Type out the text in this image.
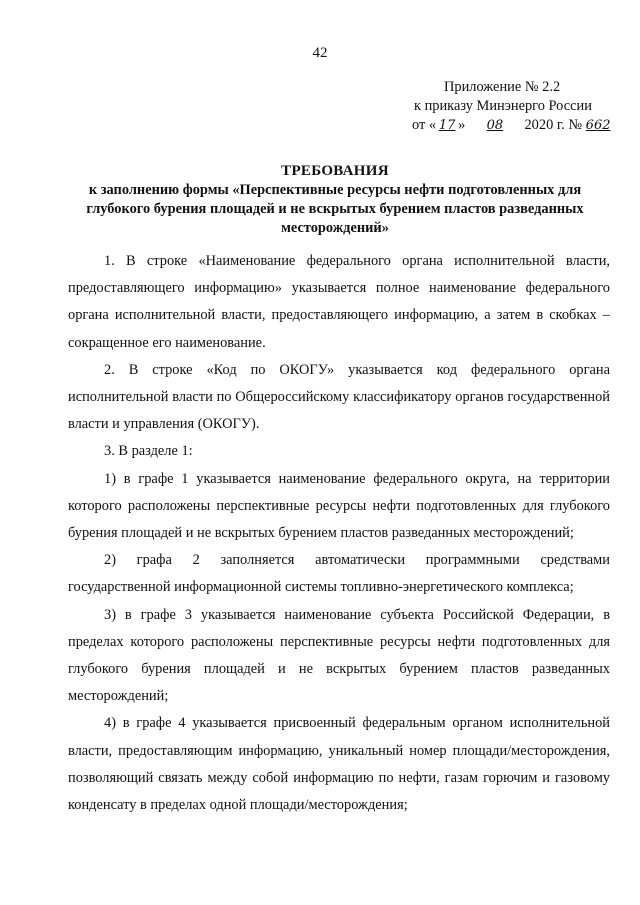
42
Приложение № 2.2
к приказу Минэнерго России
от « 17 » 08 2020 г. № 662
ТРЕБОВАНИЯ
к заполнению формы «Перспективные ресурсы нефти подготовленных для глубокого бурения площадей и не вскрытых бурением пластов разведанных месторождений»

1. В строке «Наименование федерального органа исполнительной власти, предоставляющего информацию» указывается полное наименование федерального органа исполнительной власти, предоставляющего информацию, а затем в скобках – сокращенное его наименование.

2. В строке «Код по ОКОГУ» указывается код федерального органа исполнительной власти по Общероссийскому классификатору органов государственной власти и управления (ОКОГУ).

3. В разделе 1:

1) в графе 1 указывается наименование федерального округа, на территории которого расположены перспективные ресурсы нефти подготовленных для глубокого бурения площадей и не вскрытых бурением пластов разведанных месторождений;

2) графа 2 заполняется автоматически программными средствами государственной информационной системы топливно-энергетического комплекса;

3) в графе 3 указывается наименование субъекта Российской Федерации, в пределах которого расположены перспективные ресурсы нефти подготовленных для глубокого бурения площадей и не вскрытых бурением пластов разведанных месторождений;

4) в графе 4 указывается присвоенный федеральным органом исполнительной власти, предоставляющим информацию, уникальный номер площади/месторождения, позволяющий связать между собой информацию по нефти, газам горючим и газовому конденсату в пределах одной площади/месторождения;
